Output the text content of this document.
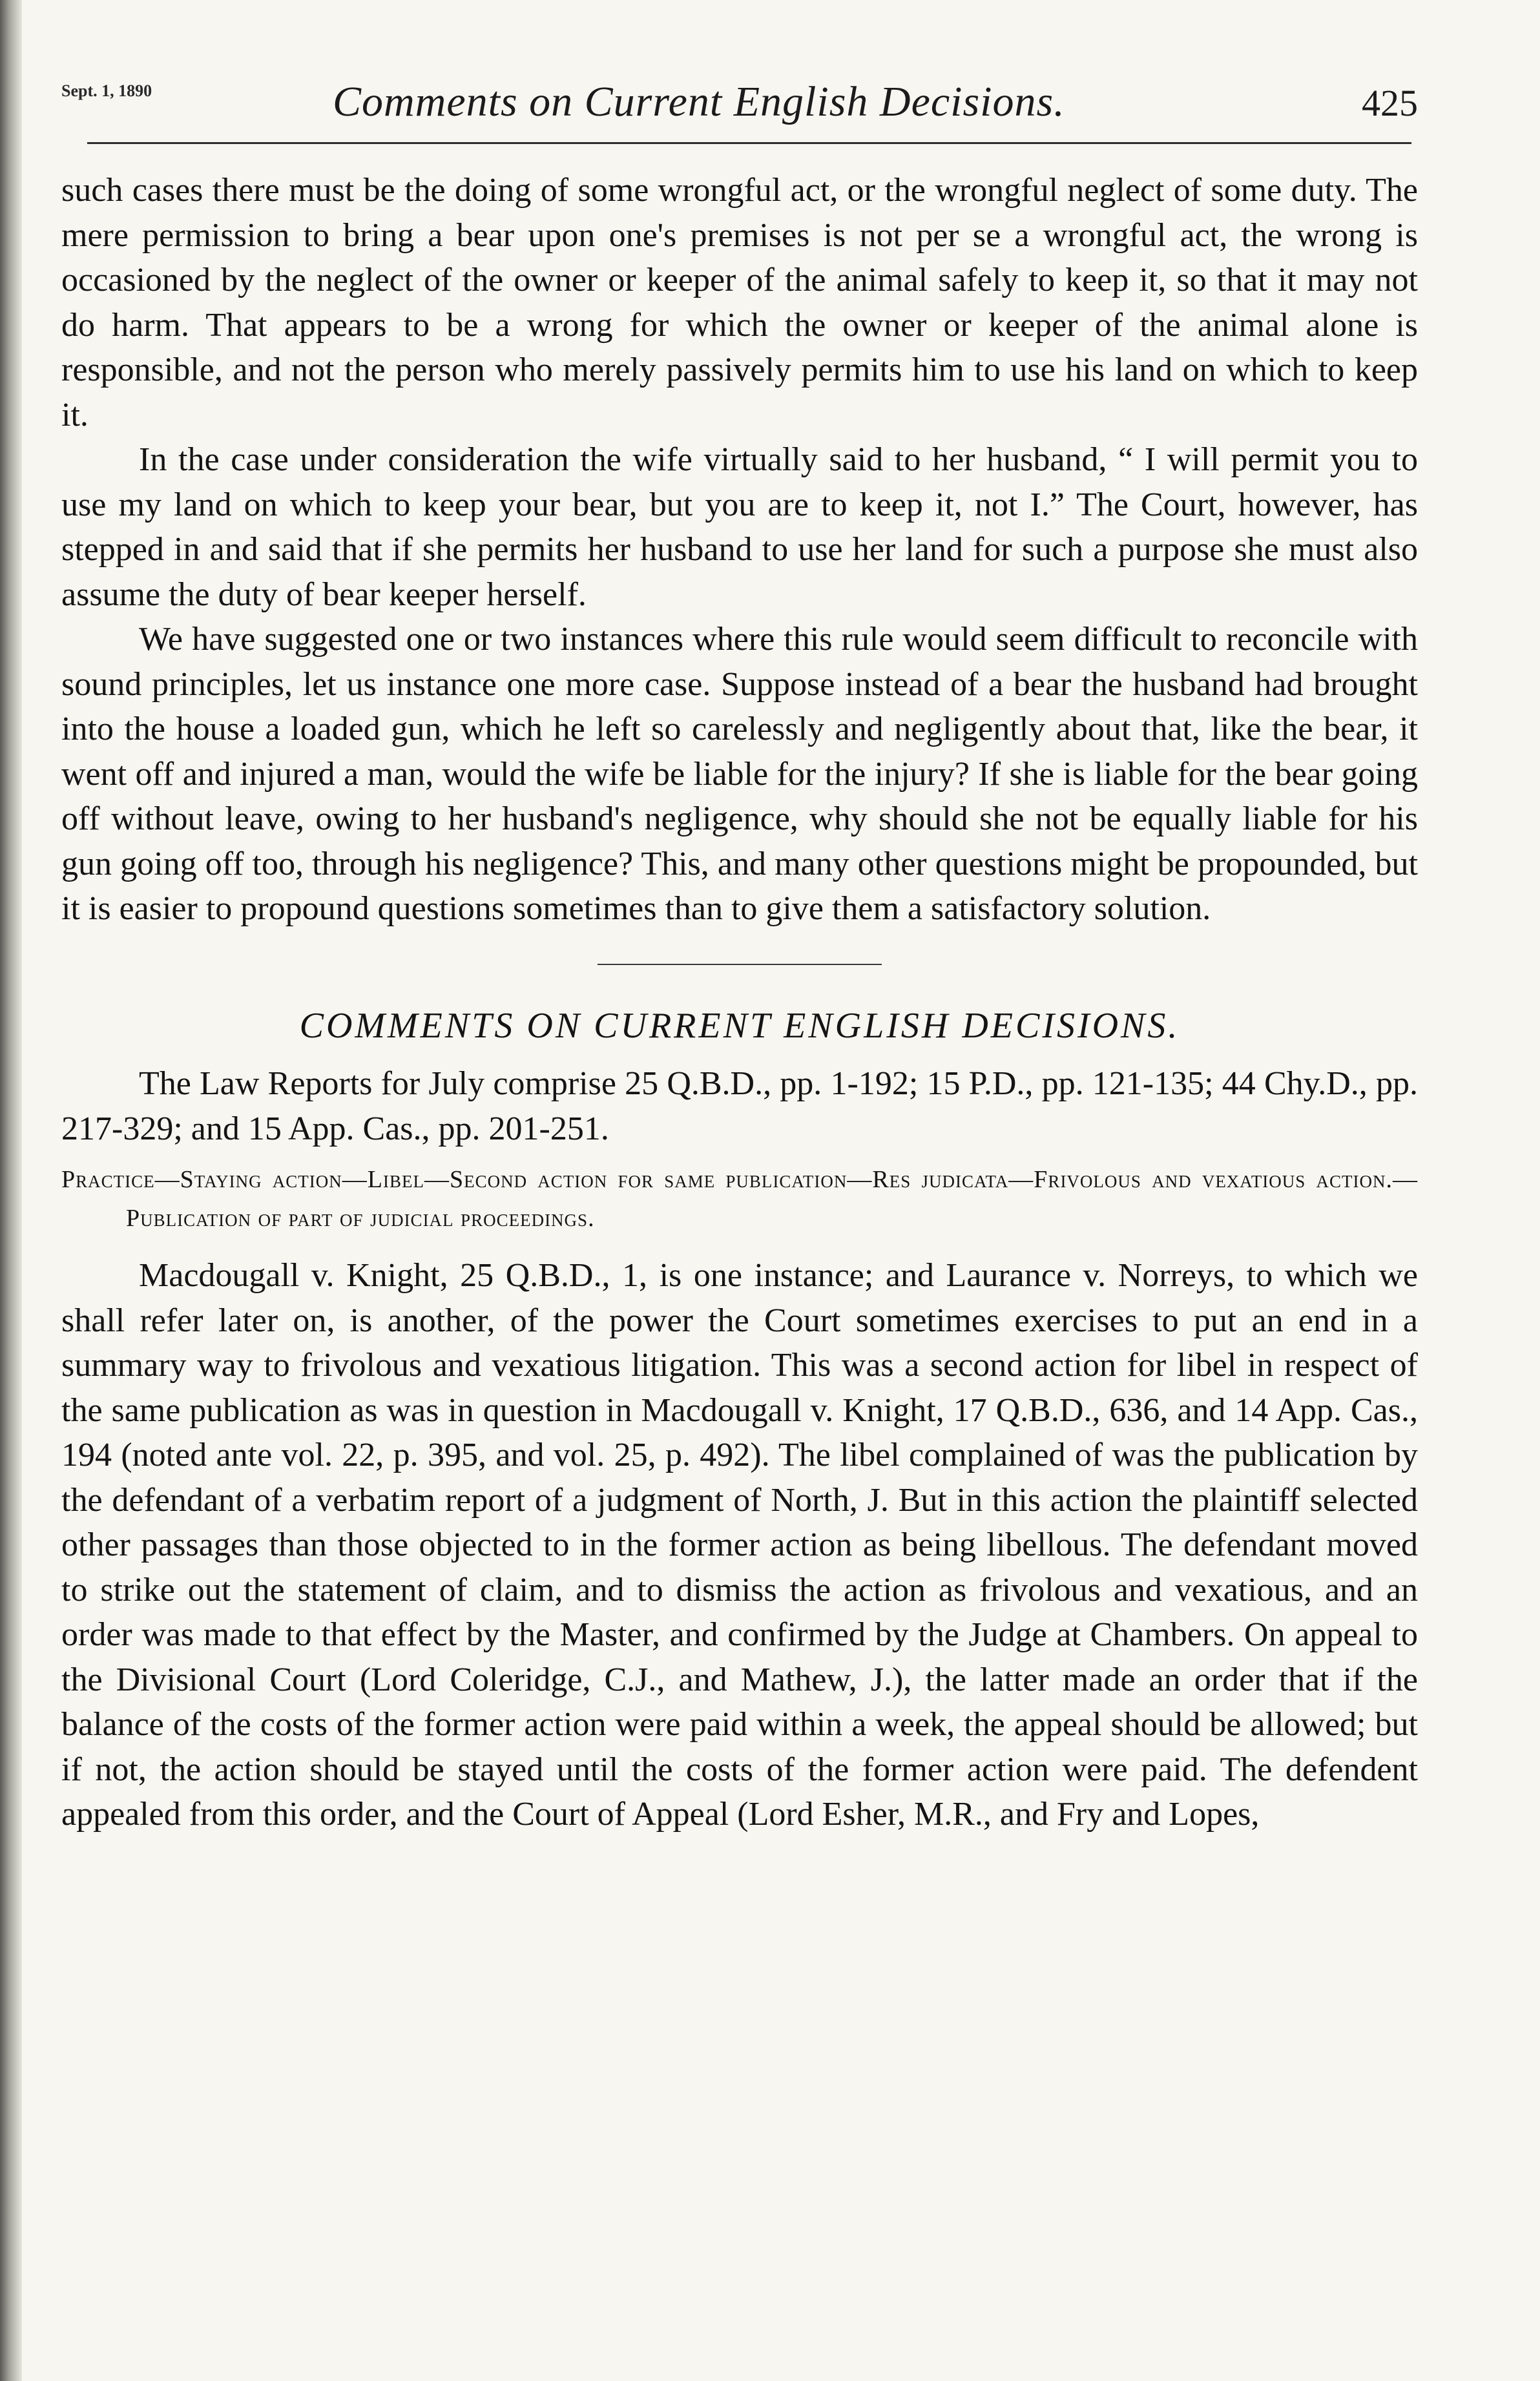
Sept. 1, 1890	Comments on Current English Decisions.	425

such cases there must be the doing of some wrongful act, or the wrongful neglect of some duty. The mere permission to bring a bear upon one's premises is not per se a wrongful act, the wrong is occasioned by the neglect of the owner or keeper of the animal safely to keep it, so that it may not do harm. That appears to be a wrong for which the owner or keeper of the animal alone is responsible, and not the person who merely passively permits him to use his land on which to keep it.

In the case under consideration the wife virtually said to her husband, “ I will permit you to use my land on which to keep your bear, but you are to keep it, not I.” The Court, however, has stepped in and said that if she permits her husband to use her land for such a purpose she must also assume the duty of bear keeper herself.

We have suggested one or two instances where this rule would seem difficult to reconcile with sound principles, let us instance one more case. Suppose instead of a bear the husband had brought into the house a loaded gun, which he left so carelessly and negligently about that, like the bear, it went off and injured a man, would the wife be liable for the injury? If she is liable for the bear going off without leave, owing to her husband's negligence, why should she not be equally liable for his gun going off too, through his negligence? This, and many other questions might be propounded, but it is easier to propound questions sometimes than to give them a satisfactory solution.

COMMENTS ON CURRENT ENGLISH DECISIONS.

The Law Reports for July comprise 25 Q.B.D., pp. 1-192; 15 P.D., pp. 121-135; 44 Chy.D., pp. 217-329; and 15 App. Cas., pp. 201-251.

Practice—Staying action—Libel—Second action for same publication—Res judicata—Frivolous and vexatious action.—Publication of part of judicial proceedings.

Macdougall v. Knight, 25 Q.B.D., 1, is one instance; and Laurance v. Norreys, to which we shall refer later on, is another, of the power the Court sometimes exercises to put an end in a summary way to frivolous and vexatious litigation. This was a second action for libel in respect of the same publication as was in question in Macdougall v. Knight, 17 Q.B.D., 636, and 14 App. Cas., 194 (noted ante vol. 22, p. 395, and vol. 25, p. 492). The libel complained of was the publication by the defendant of a verbatim report of a judgment of North, J. But in this action the plaintiff selected other passages than those objected to in the former action as being libellous. The defendant moved to strike out the statement of claim, and to dismiss the action as frivolous and vexatious, and an order was made to that effect by the Master, and confirmed by the Judge at Chambers. On appeal to the Divisional Court (Lord Coleridge, C.J., and Mathew, J.), the latter made an order that if the balance of the costs of the former action were paid within a week, the appeal should be allowed; but if not, the action should be stayed until the costs of the former action were paid. The defendent appealed from this order, and the Court of Appeal (Lord Esher, M.R., and Fry and Lopes,
